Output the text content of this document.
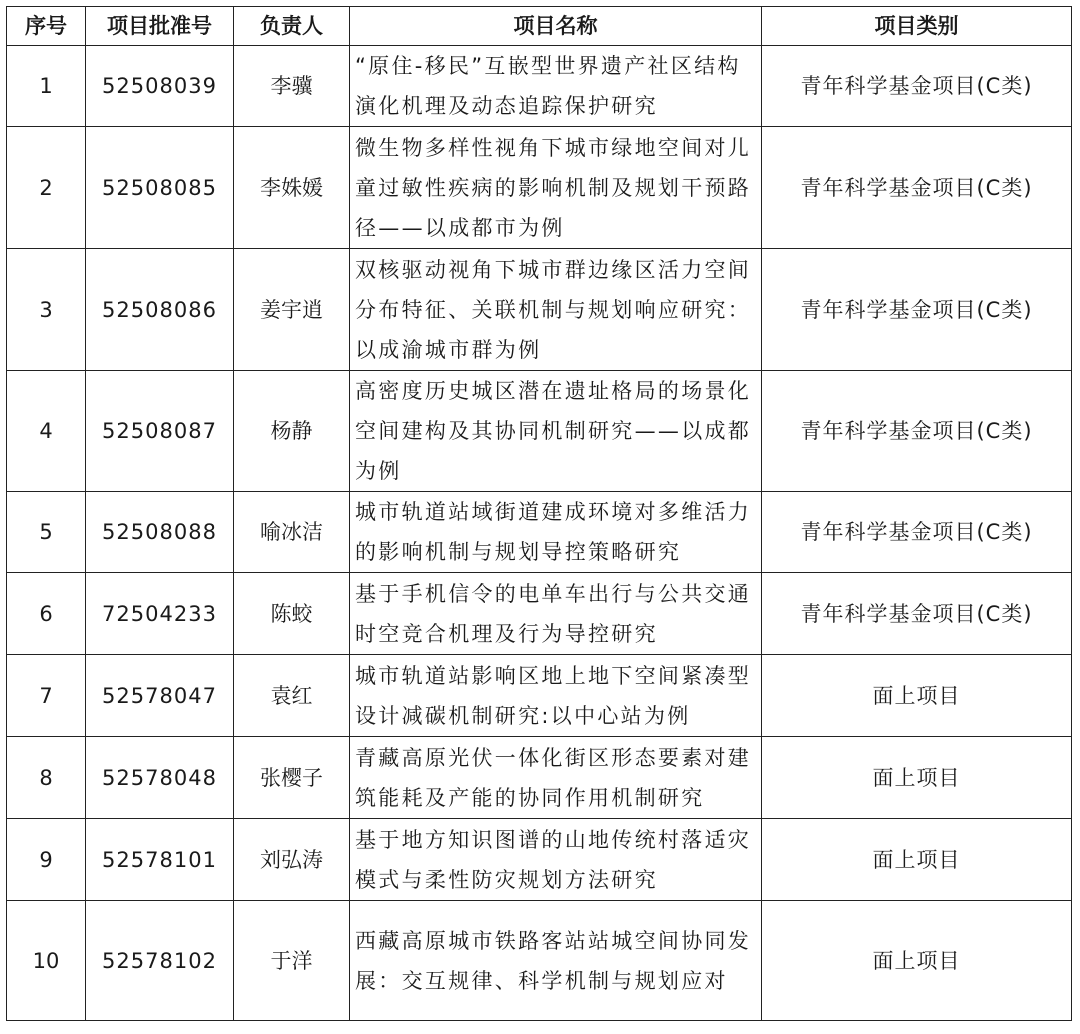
序号	项目批准号	负责人	项目名称	项目类别
1	52508039	李骥	“原住-移民”互嵌型世界遗产社区结构演化机理及动态追踪保护研究	青年科学基金项目(C类)
2	52508085	李姝媛	微生物多样性视角下城市绿地空间对儿童过敏性疾病的影响机制及规划干预路径——以成都市为例	青年科学基金项目(C类)
3	52508086	姜宇逍	双核驱动视角下城市群边缘区活力空间分布特征、关联机制与规划响应研究：以成渝城市群为例	青年科学基金项目(C类)
4	52508087	杨静	高密度历史城区潜在遗址格局的场景化空间建构及其协同机制研究——以成都为例	青年科学基金项目(C类)
5	52508088	喻冰洁	城市轨道站域街道建成环境对多维活力的影响机制与规划导控策略研究	青年科学基金项目(C类)
6	72504233	陈蛟	基于手机信令的电单车出行与公共交通时空竞合机理及行为导控研究	青年科学基金项目(C类)
7	52578047	袁红	城市轨道站影响区地上地下空间紧凑型设计减碳机制研究:以中心站为例	面上项目
8	52578048	张樱子	青藏高原光伏一体化街区形态要素对建筑能耗及产能的协同作用机制研究	面上项目
9	52578101	刘弘涛	基于地方知识图谱的山地传统村落适灾模式与柔性防灾规划方法研究	面上项目
10	52578102	于洋	西藏高原城市铁路客站站城空间协同发展：交互规律、科学机制与规划应对	面上项目
